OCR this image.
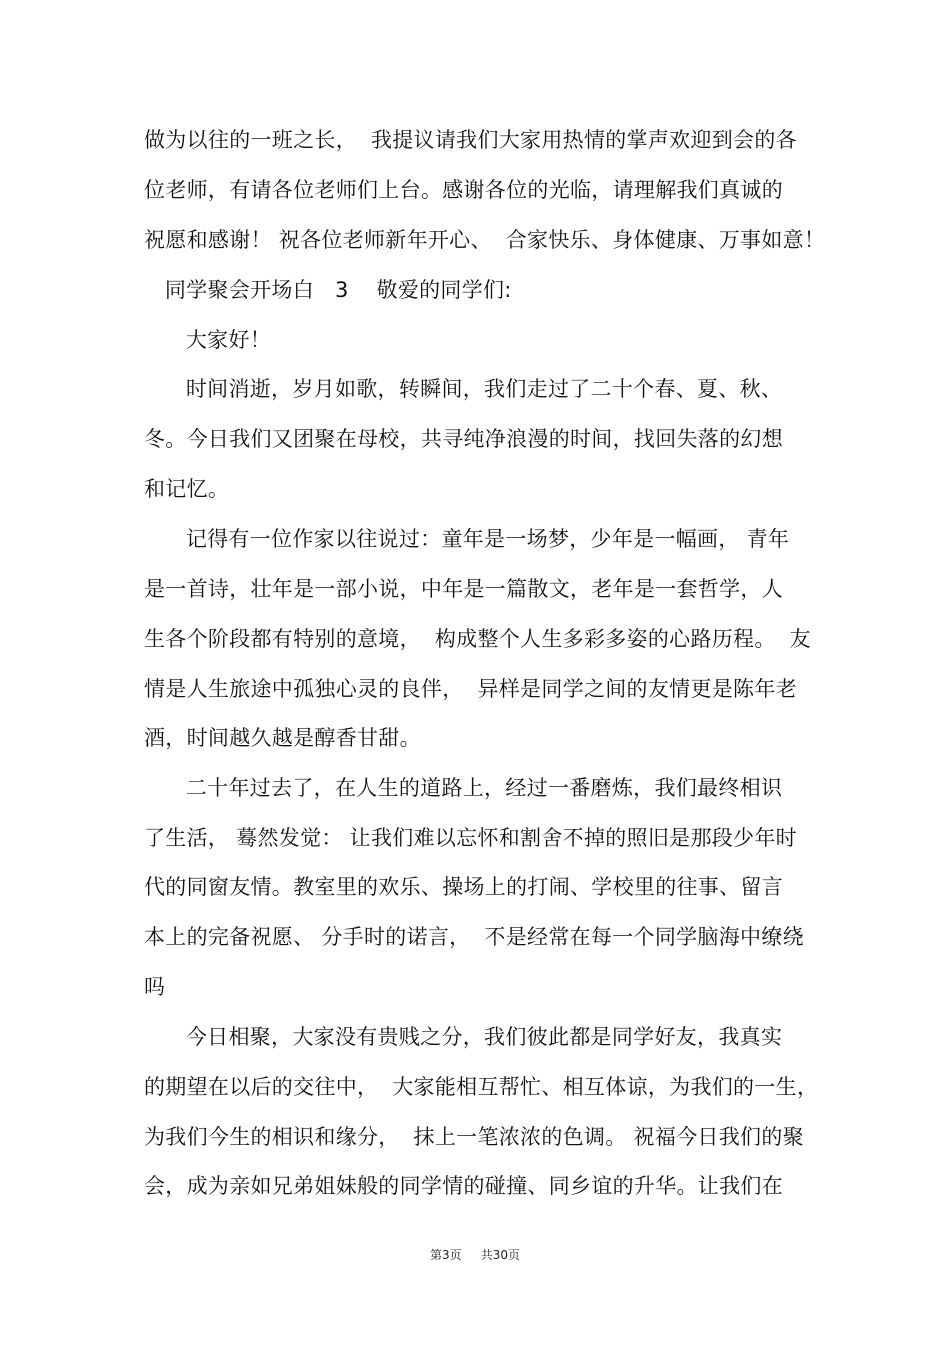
做为以往的一班之长，  我提议请我们大家用热情的掌声欢迎到会的各
位老师，有请各位老师们上台。感谢各位的光临，请理解我们真诚的
祝愿和感谢！ 祝各位老师新年开心、  合家快乐、身体健康、万事如意！
同学聚会开场白   3    敬爱的同学们:
大家好！
时间消逝，岁月如歌，转瞬间，我们走过了二十个春、夏、秋、
冬。今日我们又团聚在母校，共寻纯净浪漫的时间，找回失落的幻想
和记忆。
记得有一位作家以往说过：童年是一场梦，少年是一幅画， 青年
是一首诗，壮年是一部小说，中年是一篇散文，老年是一套哲学，人
生各个阶段都有特别的意境，  构成整个人生多彩多姿的心路历程。  友
情是人生旅途中孤独心灵的良伴，  异样是同学之间的友情更是陈年老
酒，时间越久越是醇香甘甜。
二十年过去了，在人生的道路上，经过一番磨炼，我们最终相识
了生活， 蓦然发觉： 让我们难以忘怀和割舍不掉的照旧是那段少年时
代的同窗友情。教室里的欢乐、操场上的打闹、学校里的往事、留言
本上的完备祝愿、 分手时的诺言，  不是经常在每一个同学脑海中缭绕
吗
今日相聚，大家没有贵贱之分，我们彼此都是同学好友，我真实
的期望在以后的交往中，  大家能相互帮忙、相互体谅，为我们的一生，
为我们今生的相识和缘分，  抹上一笔浓浓的色调。 祝福今日我们的聚
会，成为亲如兄弟姐妹般的同学情的碰撞、同乡谊的升华。让我们在
第3页     共30页
